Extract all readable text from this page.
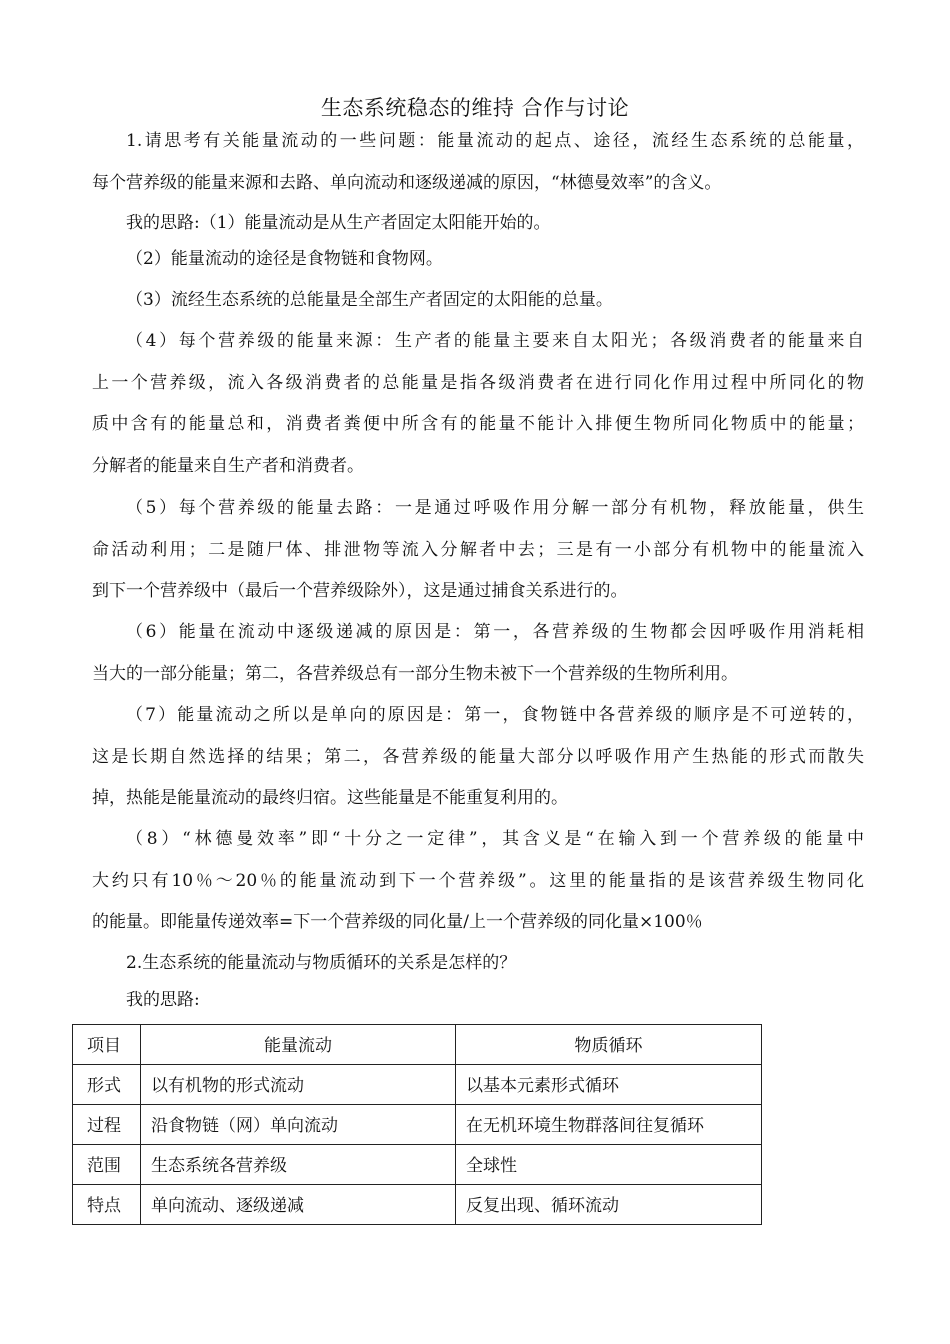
生态系统稳态的维持 合作与讨论
1.请思考有关能量流动的一些问题：能量流动的起点、途径，流经生态系统的总能量，
每个营养级的能量来源和去路、单向流动和逐级递减的原因，“林德曼效率”的含义。
我的思路:（1）能量流动是从生产者固定太阳能开始的。
（2）能量流动的途径是食物链和食物网。
（3）流经生态系统的总能量是全部生产者固定的太阳能的总量。
（4）每个营养级的能量来源：生产者的能量主要来自太阳光；各级消费者的能量来自
上一个营养级，流入各级消费者的总能量是指各级消费者在进行同化作用过程中所同化的物
质中含有的能量总和，消费者粪便中所含有的能量不能计入排便生物所同化物质中的能量；
分解者的能量来自生产者和消费者。
（5）每个营养级的能量去路：一是通过呼吸作用分解一部分有机物，释放能量，供生
命活动利用；二是随尸体、排泄物等流入分解者中去；三是有一小部分有机物中的能量流入
到下一个营养级中（最后一个营养级除外），这是通过捕食关系进行的。
（6）能量在流动中逐级递减的原因是：第一，各营养级的生物都会因呼吸作用消耗相
当大的一部分能量；第二，各营养级总有一部分生物未被下一个营养级的生物所利用。
（7）能量流动之所以是单向的原因是：第一，食物链中各营养级的顺序是不可逆转的，
这是长期自然选择的结果；第二，各营养级的能量大部分以呼吸作用产生热能的形式而散失
掉，热能是能量流动的最终归宿。这些能量是不能重复利用的。
（8）“林德曼效率”即“十分之一定律”，其含义是“在输入到一个营养级的能量中
大约只有10％～20％的能量流动到下一个营养级”。这里的能量指的是该营养级生物同化
的能量。即能量传递效率=下一个营养级的同化量/上一个营养级的同化量×100％
2.生态系统的能量流动与物质循环的关系是怎样的？
我的思路:
项目	能量流动	物质循环
形式	以有机物的形式流动	以基本元素形式循环
过程	沿食物链（网）单向流动	在无机环境生物群落间往复循环
范围	生态系统各营养级	全球性
特点	单向流动、逐级递减	反复出现、循环流动
